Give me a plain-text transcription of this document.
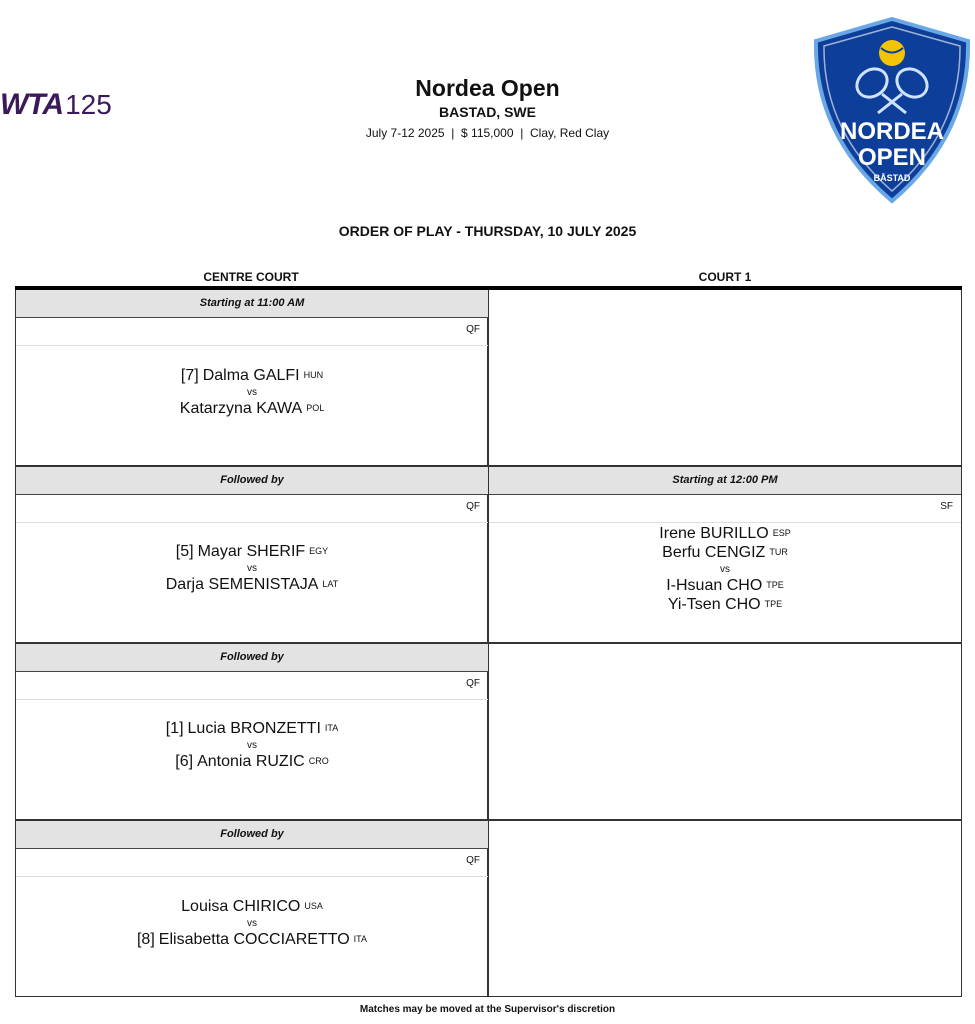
WTA125
Nordea Open
BASTAD, SWE
July 7-12 2025  |  $ 115,000  |  Clay, Red Clay	NORDEA
OPEN
BÅSTAD
ORDER OF PLAY - THURSDAY, 10 JULY 2025
CENTRE COURT	COURT 1
Starting at 11:00 AM
QF
[7] Dalma GALFI HUN
vs
Katarzyna KAWA POL
Followed by
QF
[5] Mayar SHERIF EGY
vs
Darja SEMENISTAJA LAT
Starting at 12:00 PM
SF
Irene BURILLO ESP
Berfu CENGIZ TUR
vs
I-Hsuan CHO TPE
Yi-Tsen CHO TPE
Followed by
QF
[1] Lucia BRONZETTI ITA
vs
[6] Antonia RUZIC CRO
Followed by
QF
Louisa CHIRICO USA
vs
[8] Elisabetta COCCIARETTO ITA
Matches may be moved at the Supervisor's discretion
